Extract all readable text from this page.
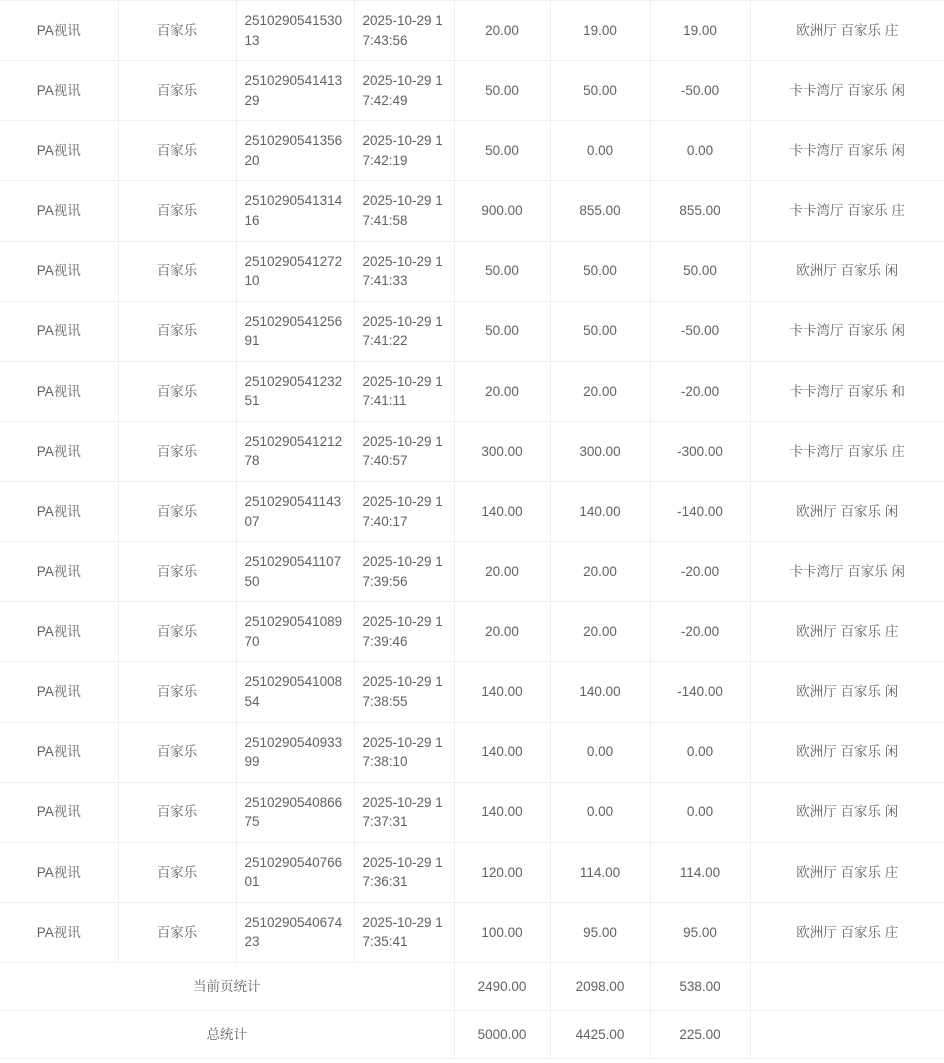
PA视讯	百家乐	251029054153013	2025-10-29 17:43:56	20.00	19.00	19.00	欧洲厅 百家乐 庄
PA视讯	百家乐	251029054141329	2025-10-29 17:42:49	50.00	50.00	-50.00	卡卡湾厅 百家乐 闲
PA视讯	百家乐	251029054135620	2025-10-29 17:42:19	50.00	0.00	0.00	卡卡湾厅 百家乐 闲
PA视讯	百家乐	251029054131416	2025-10-29 17:41:58	900.00	855.00	855.00	卡卡湾厅 百家乐 庄
PA视讯	百家乐	251029054127210	2025-10-29 17:41:33	50.00	50.00	50.00	欧洲厅 百家乐 闲
PA视讯	百家乐	251029054125691	2025-10-29 17:41:22	50.00	50.00	-50.00	卡卡湾厅 百家乐 闲
PA视讯	百家乐	251029054123251	2025-10-29 17:41:11	20.00	20.00	-20.00	卡卡湾厅 百家乐 和
PA视讯	百家乐	251029054121278	2025-10-29 17:40:57	300.00	300.00	-300.00	卡卡湾厅 百家乐 庄
PA视讯	百家乐	251029054114307	2025-10-29 17:40:17	140.00	140.00	-140.00	欧洲厅 百家乐 闲
PA视讯	百家乐	251029054110750	2025-10-29 17:39:56	20.00	20.00	-20.00	卡卡湾厅 百家乐 闲
PA视讯	百家乐	251029054108970	2025-10-29 17:39:46	20.00	20.00	-20.00	欧洲厅 百家乐 庄
PA视讯	百家乐	251029054100854	2025-10-29 17:38:55	140.00	140.00	-140.00	欧洲厅 百家乐 闲
PA视讯	百家乐	251029054093399	2025-10-29 17:38:10	140.00	0.00	0.00	欧洲厅 百家乐 闲
PA视讯	百家乐	251029054086675	2025-10-29 17:37:31	140.00	0.00	0.00	欧洲厅 百家乐 闲
PA视讯	百家乐	251029054076601	2025-10-29 17:36:31	120.00	114.00	114.00	欧洲厅 百家乐 庄
PA视讯	百家乐	251029054067423	2025-10-29 17:35:41	100.00	95.00	95.00	欧洲厅 百家乐 庄
当前页统计				2490.00	2098.00	538.00	
总统计				5000.00	4425.00	225.00	
